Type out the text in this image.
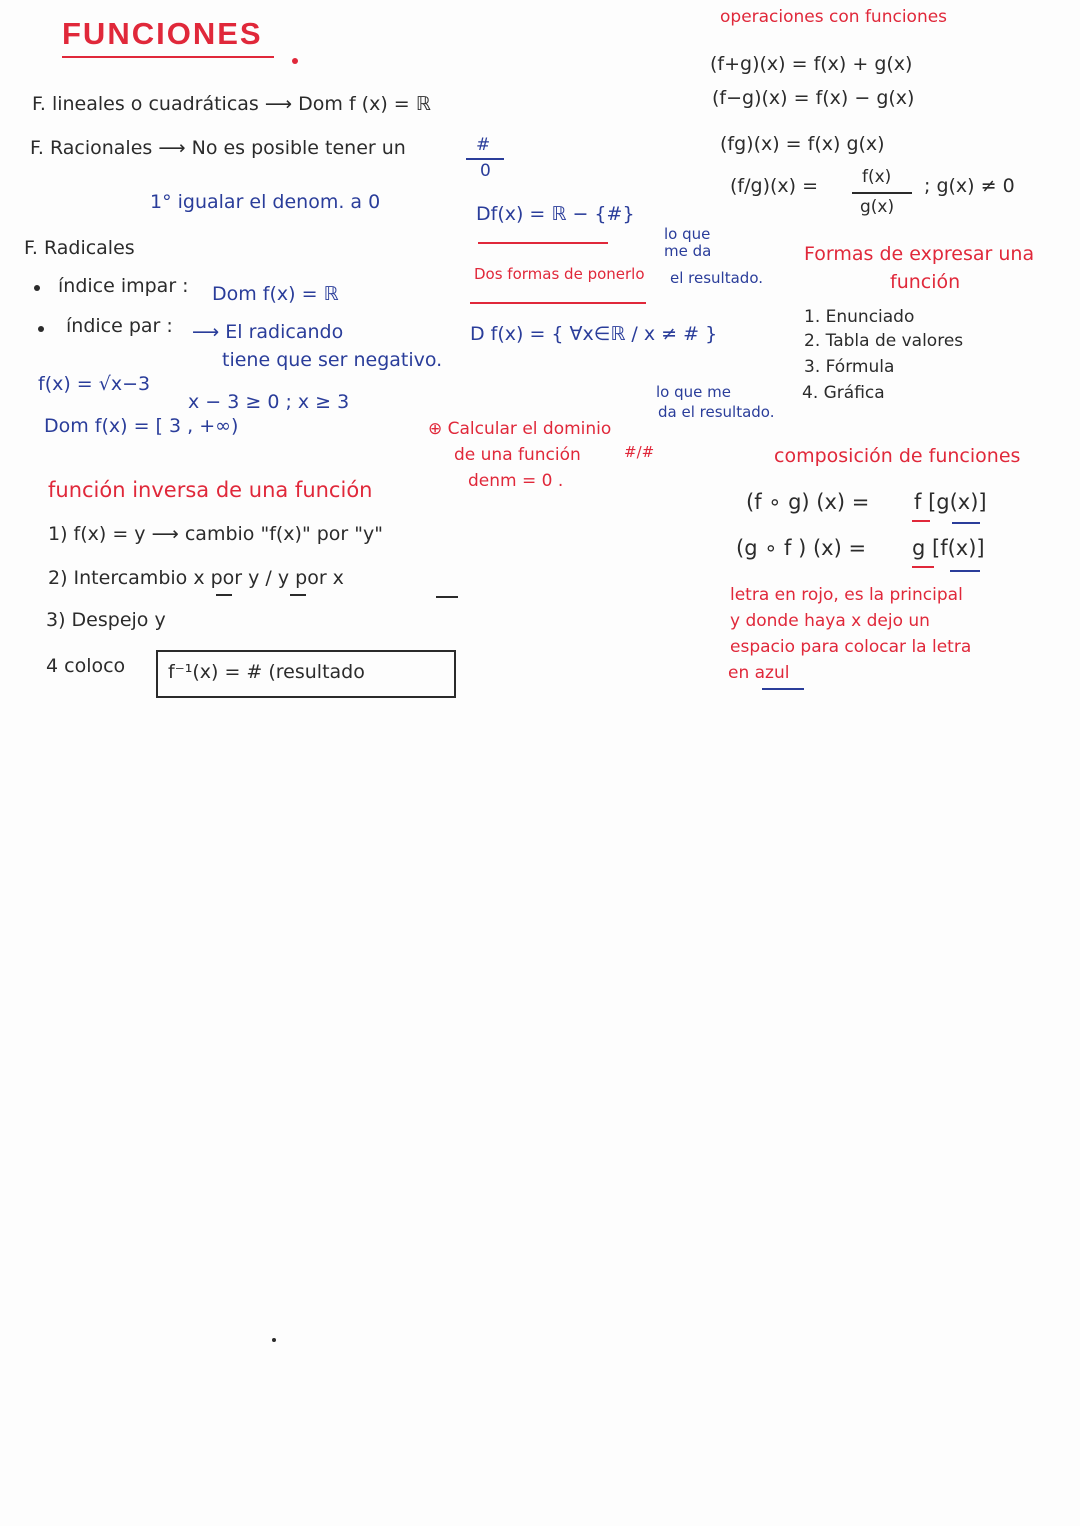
FUNCIONES
F. lineales o cuadráticas ⟶ Dom f (x) = ℝ
F. Racionales ⟶ No es posible tener un	#
0
1° igualar el denom. a 0
F. Radicales
índice impar : Dom f(x) = ℝ
índice par : ⟶ El radicando
tiene que ser negativo.
f(x) = √x−3
x − 3 ≥ 0 ; x ≥ 3
Dom f(x) = [ 3 , +∞)
función inversa de una función
1) f(x) = y ⟶ cambio "f(x)" por "y"
2) Intercambio x por y / y por x
3) Despejo y
4 coloco f⁻¹(x) = # (resultado
Df(x) = ℝ − {#}
lo que
me da
Dos formas de ponerlo el resultado.
D f(x) = { ∀x∈ℝ / x ≠ # }
lo que me
da el resultado.
⊕ Calcular el dominio
de una función	#/#
denm = 0 .
operaciones con funciones
(f+g)(x) = f(x) + g(x)
(f−g)(x) = f(x) − g(x)
(fg)(x) = f(x) g(x)
(f/g)(x) =	f(x)
g(x)
; g(x) ≠ 0
Formas de expresar una
función
1. Enunciado
2. Tabla de valores
3. Fórmula
4. Gráfica
composición de funciones
(f ∘ g) (x) = f [g(x)]
(g ∘ f ) (x) = g [f(x)]
letra en rojo, es la principal
y donde haya x dejo un
espacio para colocar la letra
en azul
